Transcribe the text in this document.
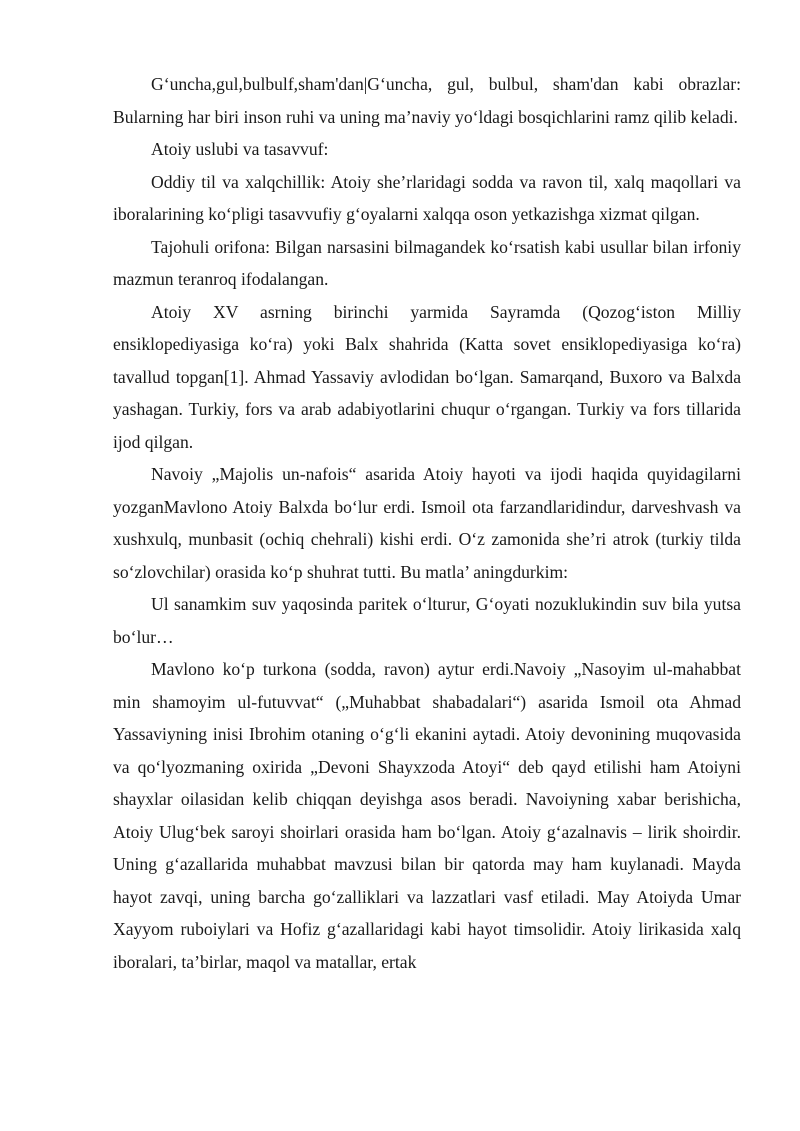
G‘uncha,gul,bulbulf,sham'dan|G‘uncha, gul, bulbul, sham'dan kabi obrazlar: Bularning har biri inson ruhi va uning ma’naviy yo‘ldagi bosqichlarini ramz qilib keladi.

Atoiy uslubi va tasavvuf:

Oddiy til va xalqchillik: Atoiy she’rlaridagi sodda va ravon til, xalq maqollari va iboralarining ko‘pligi tasavvufiy g‘oyalarni xalqqa oson yetkazishga xizmat qilgan.

Tajohuli orifona: Bilgan narsasini bilmagandek ko‘rsatish kabi usullar bilan irfoniy mazmun teranroq ifodalangan.

Atoiy XV asrning birinchi yarmida Sayramda (Qozog‘iston Milliy ensiklopediyasiga ko‘ra) yoki Balx shahrida (Katta sovet ensiklopediyasiga ko‘ra) tavallud topgan[1]. Ahmad Yassaviy avlodidan bo‘lgan. Samarqand, Buxoro va Balxda yashagan. Turkiy, fors va arab adabiyotlarini chuqur o‘rgangan. Turkiy va fors tillarida ijod qilgan.

Navoiy „Majolis un-nafois“ asarida Atoiy hayoti va ijodi haqida quyidagilarni yozganMavlono Atoiy Balxda bo‘lur erdi. Ismoil ota farzandlaridindur, darveshvash va xushxulq, munbasit (ochiq chehrali) kishi erdi. O‘z zamonida she’ri atrok (turkiy tilda so‘zlovchilar) orasida ko‘p shuhrat tutti. Bu matla’ aningdurkim:

Ul sanamkim suv yaqosinda paritek o‘lturur, G‘oyati nozuklukindin suv bila yutsa bo‘lur…

Mavlono ko‘p turkona (sodda, ravon) aytur erdi.Navoiy „Nasoyim ul-mahabbat min shamoyim ul-futuvvat“ („Muhabbat shabadalari“) asarida Ismoil ota Ahmad Yassaviyning inisi Ibrohim otaning o‘g‘li ekanini aytadi. Atoiy devonining muqovasida va qo‘lyozmaning oxirida „Devoni Shayxzoda Atoyi“ deb qayd etilishi ham Atoiyni shayxlar oilasidan kelib chiqqan deyishga asos beradi. Navoiyning xabar berishicha, Atoiy Ulug‘bek saroyi shoirlari orasida ham bo‘lgan. Atoiy g‘azalnavis – lirik shoirdir. Uning g‘azallarida muhabbat mavzusi bilan bir qatorda may ham kuylanadi. Mayda hayot zavqi, uning barcha go‘zalliklari va lazzatlari vasf etiladi. May Atoiyda Umar Xayyom ruboiylari va Hofiz g‘azallaridagi kabi hayot timsolidir. Atoiy lirikasida xalq iboralari, ta’birlar, maqol va matallar, ertak
